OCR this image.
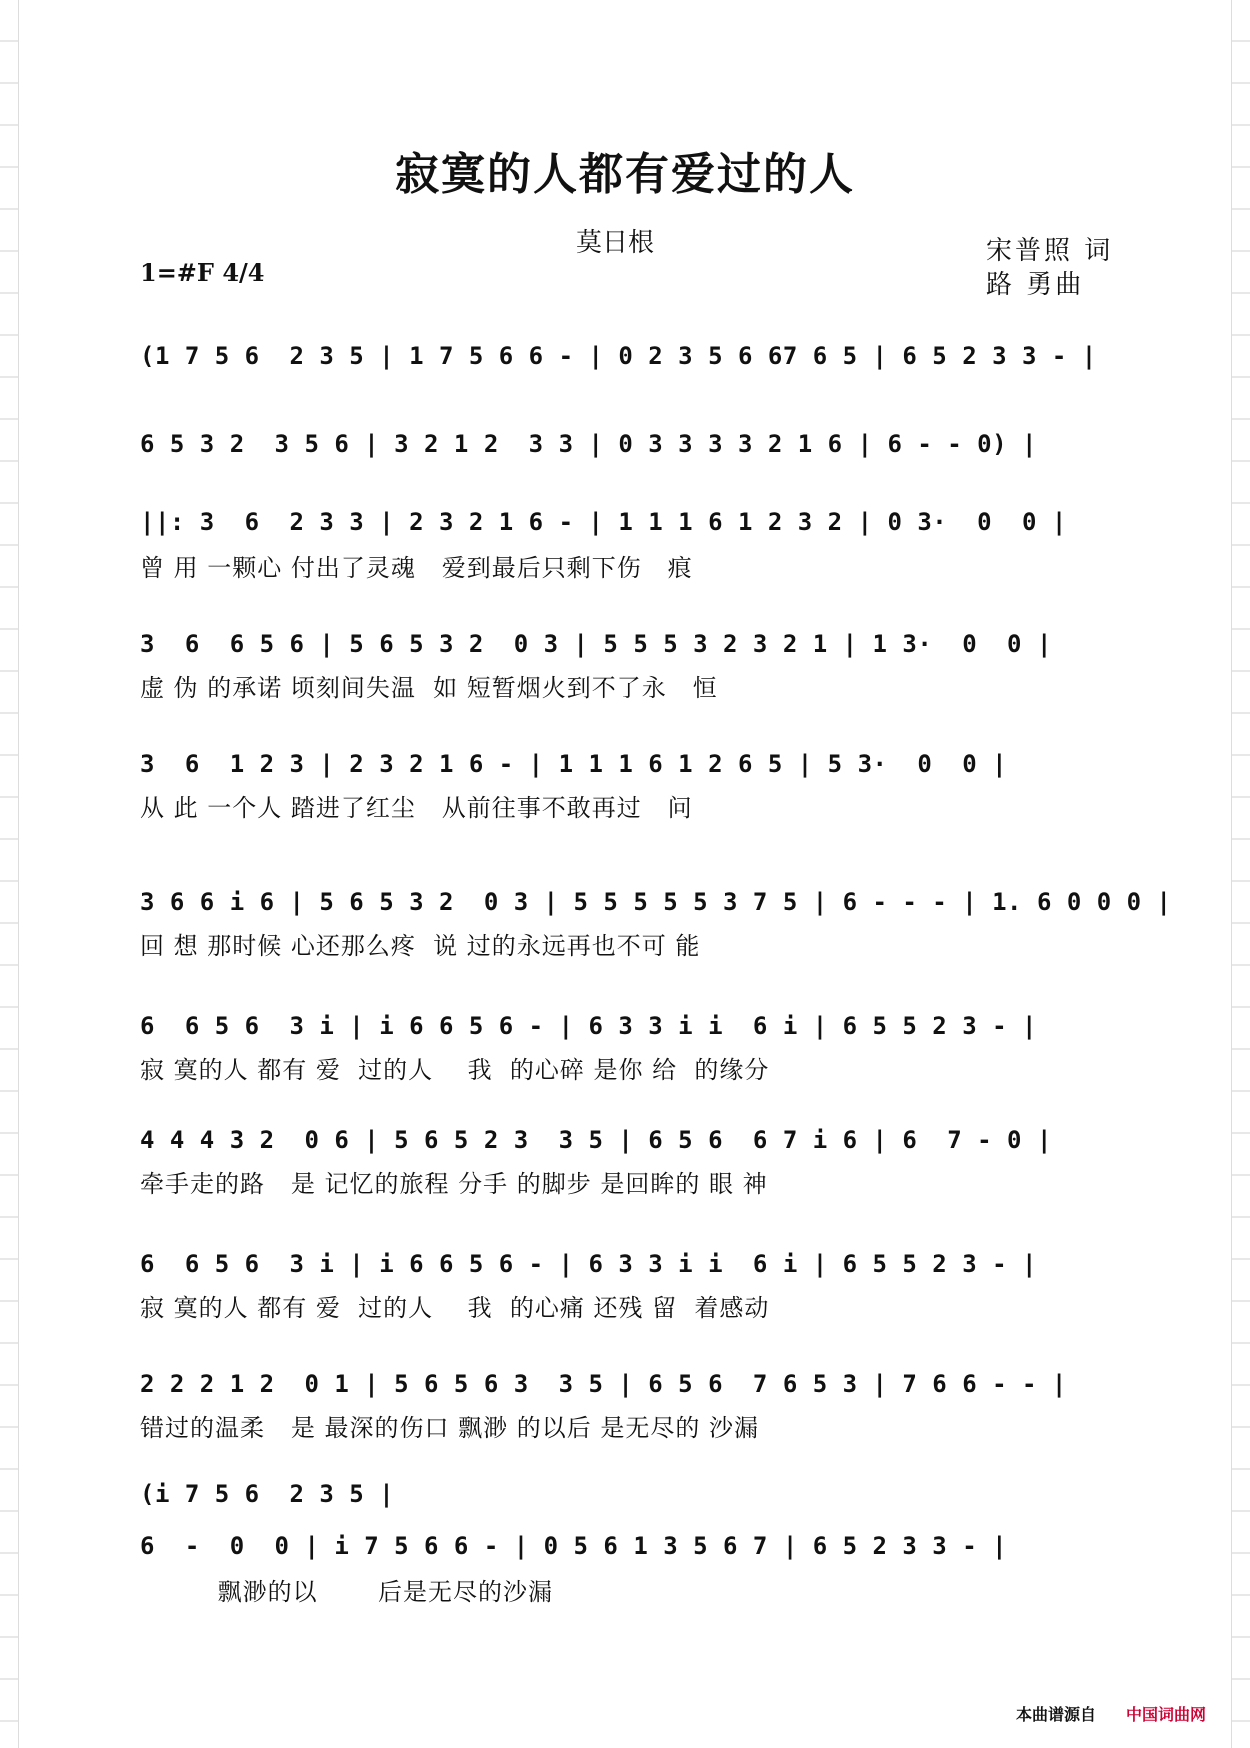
寂寞的人都有爱过的人
莫日根	宋普照 词
路 勇曲
1=#F 4/4
(1 7 5 6  2 3 5 | 1 7 5 6 6 - | 0 2 3 5 6 67 6 5 | 6 5 2 3 3 - |
6 5 3 2  3 5 6 | 3 2 1 2  3 3 | 0 3 3 3 3 2 1 6 | 6 - - 0) |
||: 3  6  2 3 3 | 2 3 2 1 6 - | 1 1 1 6 1 2 3 2 | 0 3·  0  0 |
曾 用 一颗心 付出了灵魂   爱到最后只剩下伤   痕
3  6  6 5 6 | 5 6 5 3 2  0 3 | 5 5 5 3 2 3 2 1 | 1 3·  0  0 |
虚 伪 的承诺 顷刻间失温  如 短暂烟火到不了永   恒
3  6  1 2 3 | 2 3 2 1 6 - | 1 1 1 6 1 2 6 5 | 5 3·  0  0 |
从 此 一个人 踏进了红尘   从前往事不敢再过   问
3 6 6 i 6 | 5 6 5 3 2  0 3 | 5 5 5 5 5 3 7 5 | 6 - - - | 1. 6 0 0 0 |
回 想 那时候 心还那么疼  说 过的永远再也不可 能
6  6 5 6  3 i | i 6 6 5 6 - | 6 3 3 i i  6 i | 6 5 5 2 3 - |
寂 寞的人 都有 爱  过的人    我  的心碎 是你 给  的缘分
4 4 4 3 2  0 6 | 5 6 5 2 3  3 5 | 6 5 6  6 7 i 6 | 6  7 - 0 |
牵手走的路   是 记忆的旅程 分手 的脚步 是回眸的 眼 神
6  6 5 6  3 i | i 6 6 5 6 - | 6 3 3 i i  6 i | 6 5 5 2 3 - |
寂 寞的人 都有 爱  过的人    我  的心痛 还残 留  着感动
2 2 2 1 2  0 1 | 5 6 5 6 3  3 5 | 6 5 6  7 6 5 3 | 7 6 6 - - |
错过的温柔   是 最深的伤口 飘渺 的以后 是无尽的 沙漏
(i 7 5 6  2 3 5 |
6  -  0  0 | i 7 5 6 6 - | 0 5 6 1 3 5 6 7 | 6 5 2 3 3 - |
飘渺的以       后是无尽的沙漏
本曲谱源自 中国词曲网
